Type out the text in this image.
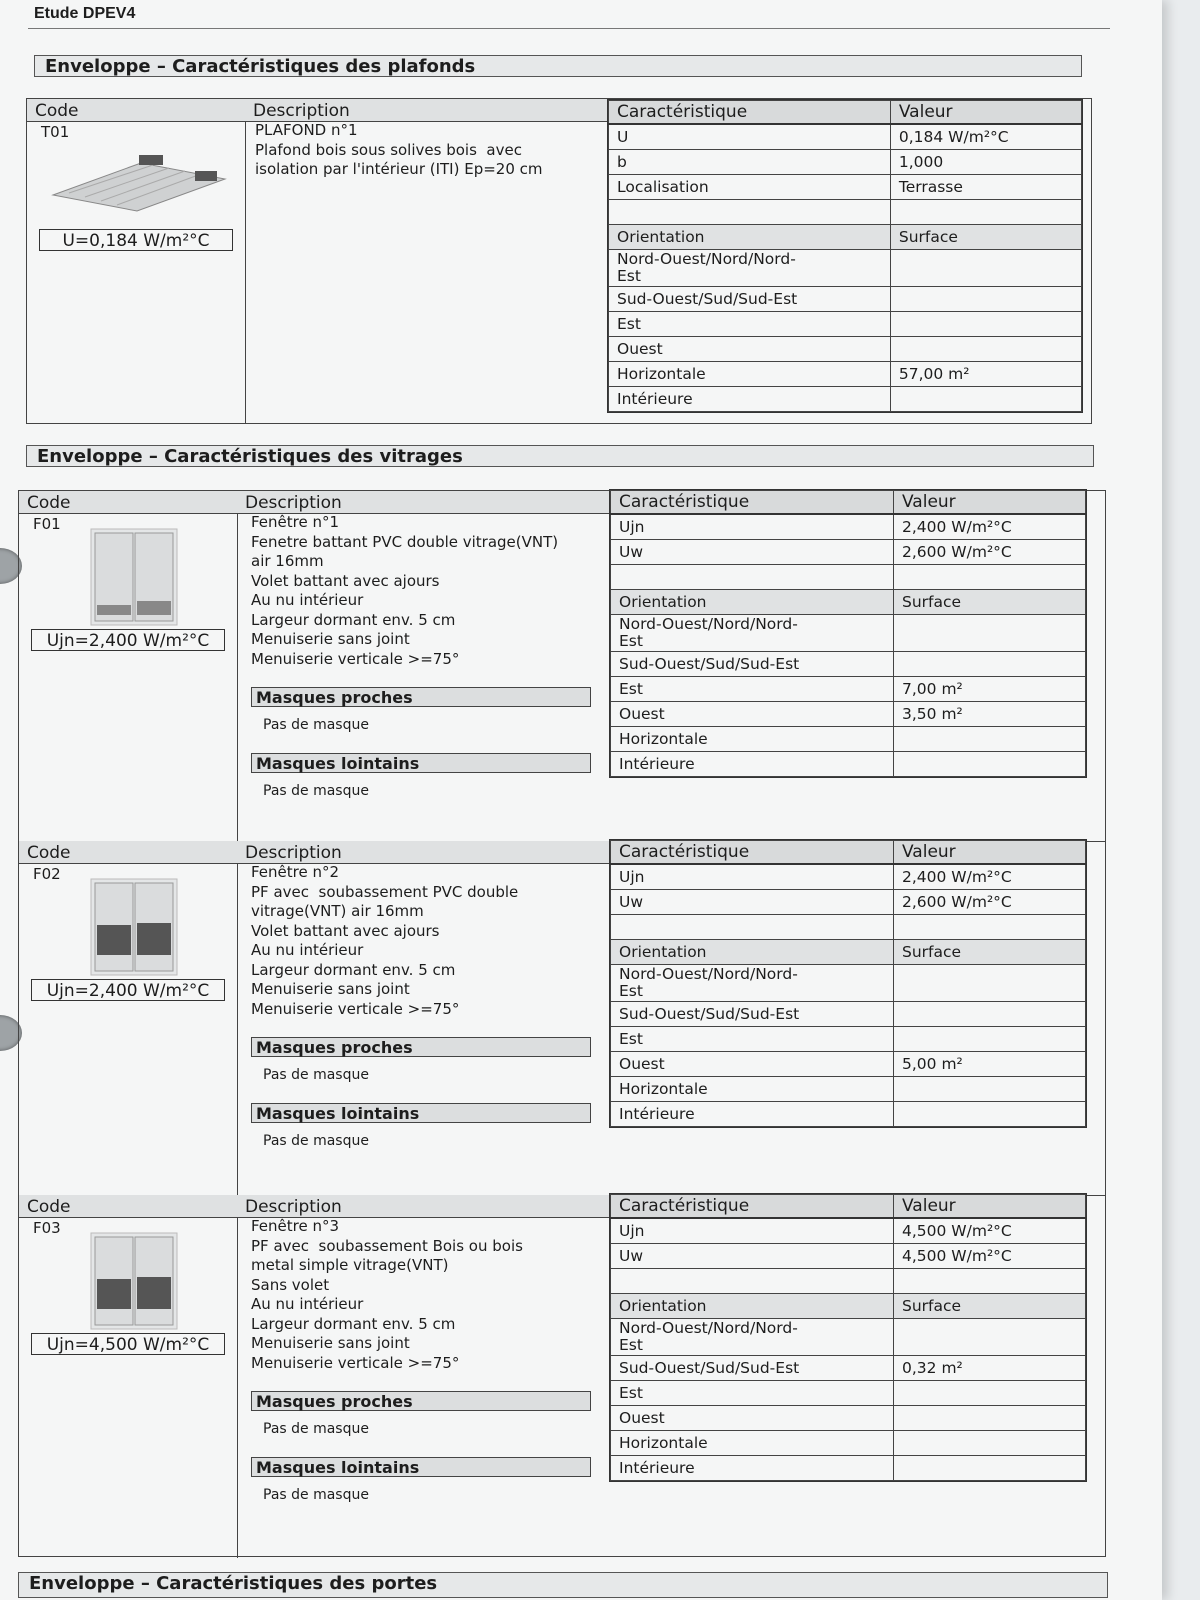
Etude DPEV4
Enveloppe – Caractéristiques des plafonds
Code
T01
U=0,184 W/m²°C
Description
PLAFOND n°1
Plafond bois sous solives bois  avec
isolation par l'intérieur (ITI) Ep=20 cm
Caractéristique	Valeur
U	0,184 W/m²°C
b	1,000
Localisation	Terrasse

Orientation	Surface
Nord-Ouest/Nord/Nord-
Est	
Sud-Ouest/Sud/Sud-Est	
Est	
Ouest	
Horizontale	57,00 m²
Intérieure	
Enveloppe – Caractéristiques des vitrages
Code
F01
Ujn=2,400 W/m²°C
Description
Fenêtre n°1
Fenetre battant PVC double vitrage(VNT)
air 16mm
Volet battant avec ajours
Au nu intérieur
Largeur dormant env. 5 cm
Menuiserie sans joint
Menuiserie verticale >=75°
Masques proches
Pas de masque
Masques lointains
Pas de masque
Caractéristique	Valeur
Ujn	2,400 W/m²°C
Uw	2,600 W/m²°C

Orientation	Surface
Nord-Ouest/Nord/Nord-
Est	
Sud-Ouest/Sud/Sud-Est	
Est	7,00 m²
Ouest	3,50 m²
Horizontale	
Intérieure	
Code
F02
Ujn=2,400 W/m²°C
Description
Fenêtre n°2
PF avec  soubassement PVC double
vitrage(VNT) air 16mm
Volet battant avec ajours
Au nu intérieur
Largeur dormant env. 5 cm
Menuiserie sans joint
Menuiserie verticale >=75°
Masques proches
Pas de masque
Masques lointains
Pas de masque
Caractéristique	Valeur
Ujn	2,400 W/m²°C
Uw	2,600 W/m²°C

Orientation	Surface
Nord-Ouest/Nord/Nord-
Est	
Sud-Ouest/Sud/Sud-Est	
Est	
Ouest	5,00 m²
Horizontale	
Intérieure	
Code
F03
Ujn=4,500 W/m²°C
Description
Fenêtre n°3
PF avec  soubassement Bois ou bois
metal simple vitrage(VNT)
Sans volet
Au nu intérieur
Largeur dormant env. 5 cm
Menuiserie sans joint
Menuiserie verticale >=75°
Masques proches
Pas de masque
Masques lointains
Pas de masque
Caractéristique	Valeur
Ujn	4,500 W/m²°C
Uw	4,500 W/m²°C

Orientation	Surface
Nord-Ouest/Nord/Nord-
Est	
Sud-Ouest/Sud/Sud-Est	0,32 m²
Est	
Ouest	
Horizontale	
Intérieure	
Enveloppe – Caractéristiques des portes
